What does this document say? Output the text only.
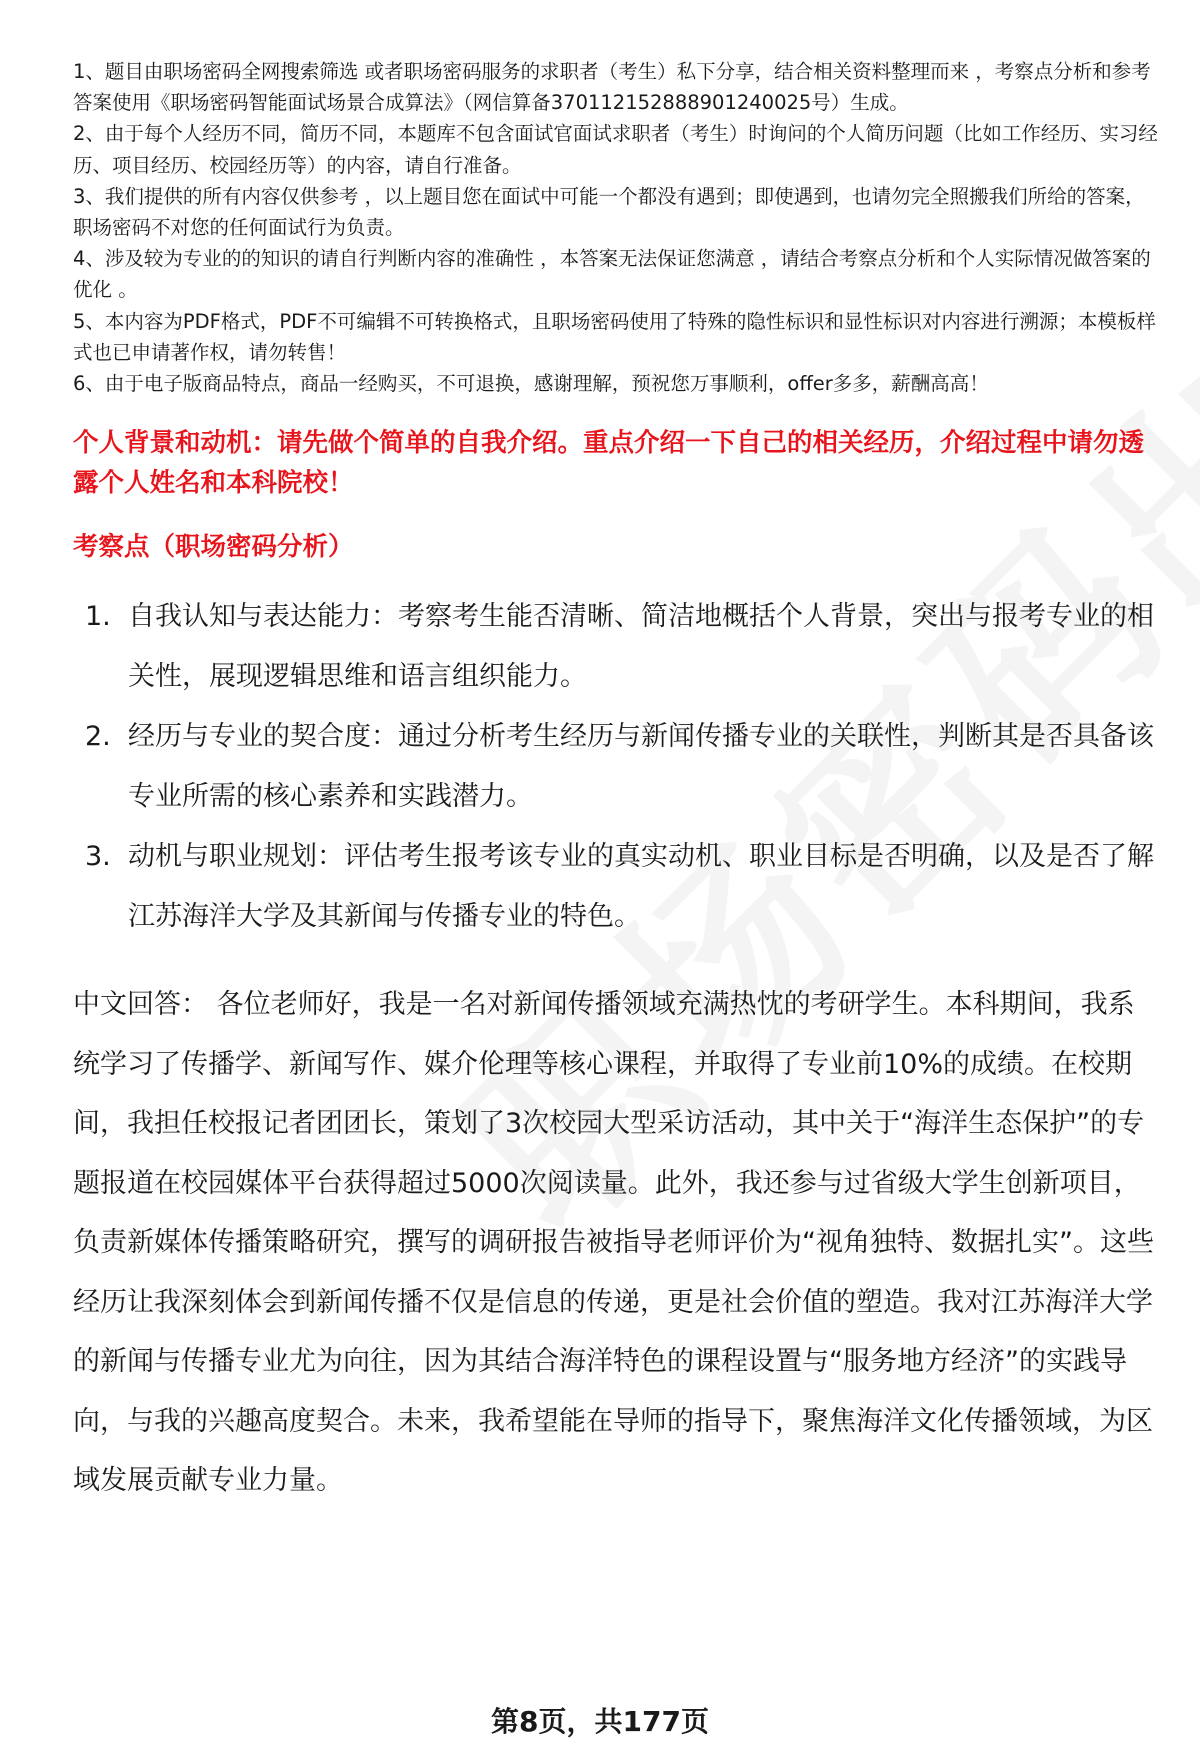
1、题目由职场密码全网搜索筛选 或者职场密码服务的求职者（考生）私下分享，结合相关资料整理而来 ，考察点分析和参考答案使用《职场密码智能面试场景合成算法》（网信算备370112152888901240025号）生成。
2、由于每个人经历不同，简历不同，本题库不包含面试官面试求职者（考生）时询问的个人简历问题（比如工作经历、实习经历、项目经历、校园经历等）的内容，请自行准备。
3、我们提供的所有内容仅供参考 ，以上题目您在面试中可能一个都没有遇到；即使遇到，也请勿完全照搬我们所给的答案，职场密码不对您的任何面试行为负责。
4、涉及较为专业的的知识的请自行判断内容的准确性 ，本答案无法保证您满意 ，请结合考察点分析和个人实际情况做答案的优化 。
5、本内容为PDF格式，PDF不可编辑不可转换格式，且职场密码使用了特殊的隐性标识和显性标识对内容进行溯源；本模板样式也已申请著作权，请勿转售！
6、由于电子版商品特点，商品一经购买，不可退换，感谢理解，预祝您万事顺利，offer多多，薪酬高高！
个人背景和动机：请先做个简单的自我介绍。重点介绍一下自己的相关经历，介绍过程中请勿透露个人姓名和本科院校！
考察点（职场密码分析）
1. 自我认知与表达能力：考察考生能否清晰、简洁地概括个人背景，突出与报考专业的相关性，展现逻辑思维和语言组织能力。
2. 经历与专业的契合度：通过分析考生经历与新闻传播专业的关联性，判断其是否具备该专业所需的核心素养和实践潜力。
3. 动机与职业规划：评估考生报考该专业的真实动机、职业目标是否明确，以及是否了解江苏海洋大学及其新闻与传播专业的特色。

中文回答： 各位老师好，我是一名对新闻传播领域充满热忱的考研学生。本科期间，我系统学习了传播学、新闻写作、媒介伦理等核心课程，并取得了专业前10%的成绩。在校期间，我担任校报记者团团长，策划了3次校园大型采访活动，其中关于“海洋生态保护”的专题报道在校园媒体平台获得超过5000次阅读量。此外，我还参与过省级大学生创新项目，负责新媒体传播策略研究，撰写的调研报告被指导老师评价为“视角独特、数据扎实”。这些经历让我深刻体会到新闻传播不仅是信息的传递，更是社会价值的塑造。我对江苏海洋大学的新闻与传播专业尤为向往，因为其结合海洋特色的课程设置与“服务地方经济”的实践导向，与我的兴趣高度契合。未来，我希望能在导师的指导下，聚焦海洋文化传播领域，为区域发展贡献专业力量。

第8页，共177页
